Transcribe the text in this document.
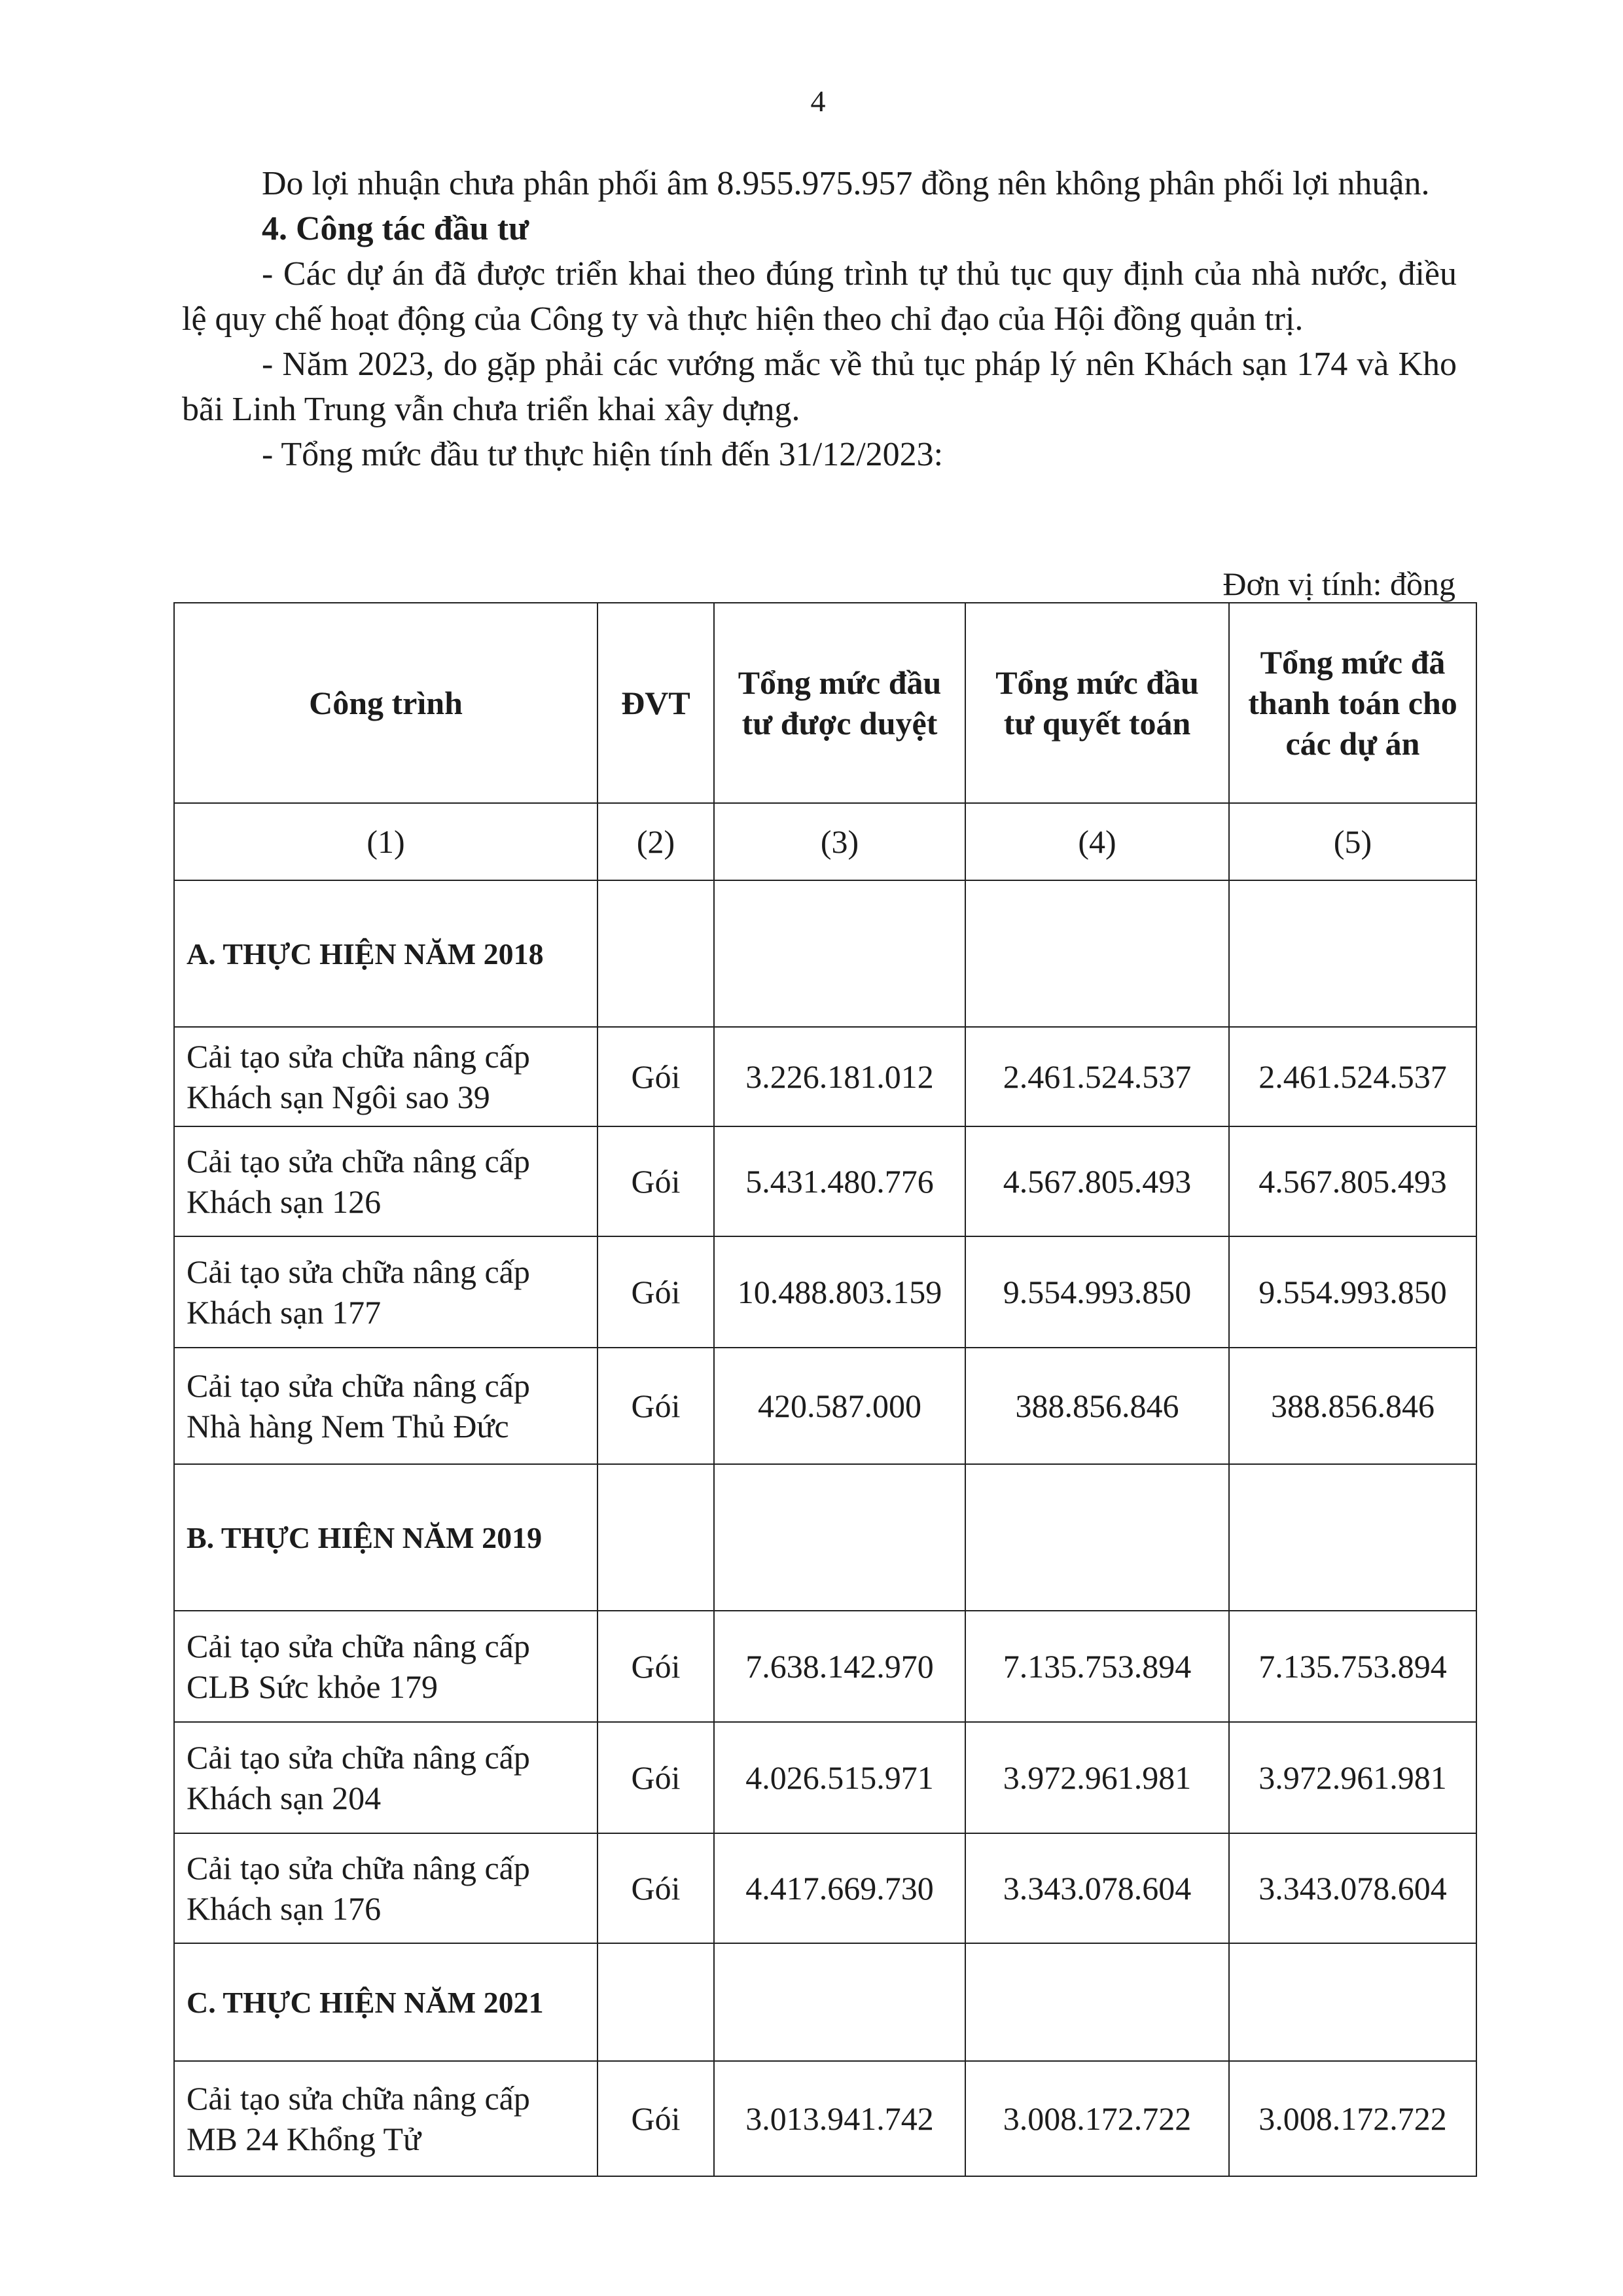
4

Do lợi nhuận chưa phân phối âm 8.955.975.957 đồng nên không phân phối lợi nhuận.

4. Công tác đầu tư

- Các dự án đã được triển khai theo đúng trình tự thủ tục quy định của nhà nước, điều lệ quy chế hoạt động của Công ty và thực hiện theo chỉ đạo của Hội đồng quản trị.

- Năm 2023, do gặp phải các vướng mắc về thủ tục pháp lý nên Khách sạn 174 và Kho bãi Linh Trung vẫn chưa triển khai xây dựng.

- Tổng mức đầu tư thực hiện tính đến 31/12/2023:

Đơn vị tính: đồng
Công trình	ĐVT	Tổng mức đầu tư được duyệt	Tổng mức đầu tư quyết toán	Tổng mức đã thanh toán cho các dự án
(1)	(2)	(3)	(4)	(5)
A. THỰC HIỆN NĂM 2018				
Cải tạo sửa chữa nâng cấp Khách sạn Ngôi sao 39	Gói	3.226.181.012	2.461.524.537	2.461.524.537
Cải tạo sửa chữa nâng cấp Khách sạn 126	Gói	5.431.480.776	4.567.805.493	4.567.805.493
Cải tạo sửa chữa nâng cấp Khách sạn 177	Gói	10.488.803.159	9.554.993.850	9.554.993.850
Cải tạo sửa chữa nâng cấp Nhà hàng Nem Thủ Đức	Gói	420.587.000	388.856.846	388.856.846
B. THỰC HIỆN NĂM 2019				
Cải tạo sửa chữa nâng cấp CLB Sức khỏe 179	Gói	7.638.142.970	7.135.753.894	7.135.753.894
Cải tạo sửa chữa nâng cấp Khách sạn 204	Gói	4.026.515.971	3.972.961.981	3.972.961.981
Cải tạo sửa chữa nâng cấp Khách sạn 176	Gói	4.417.669.730	3.343.078.604	3.343.078.604
C. THỰC HIỆN NĂM 2021				
Cải tạo sửa chữa nâng cấp MB 24 Khổng Tử	Gói	3.013.941.742	3.008.172.722	3.008.172.722
